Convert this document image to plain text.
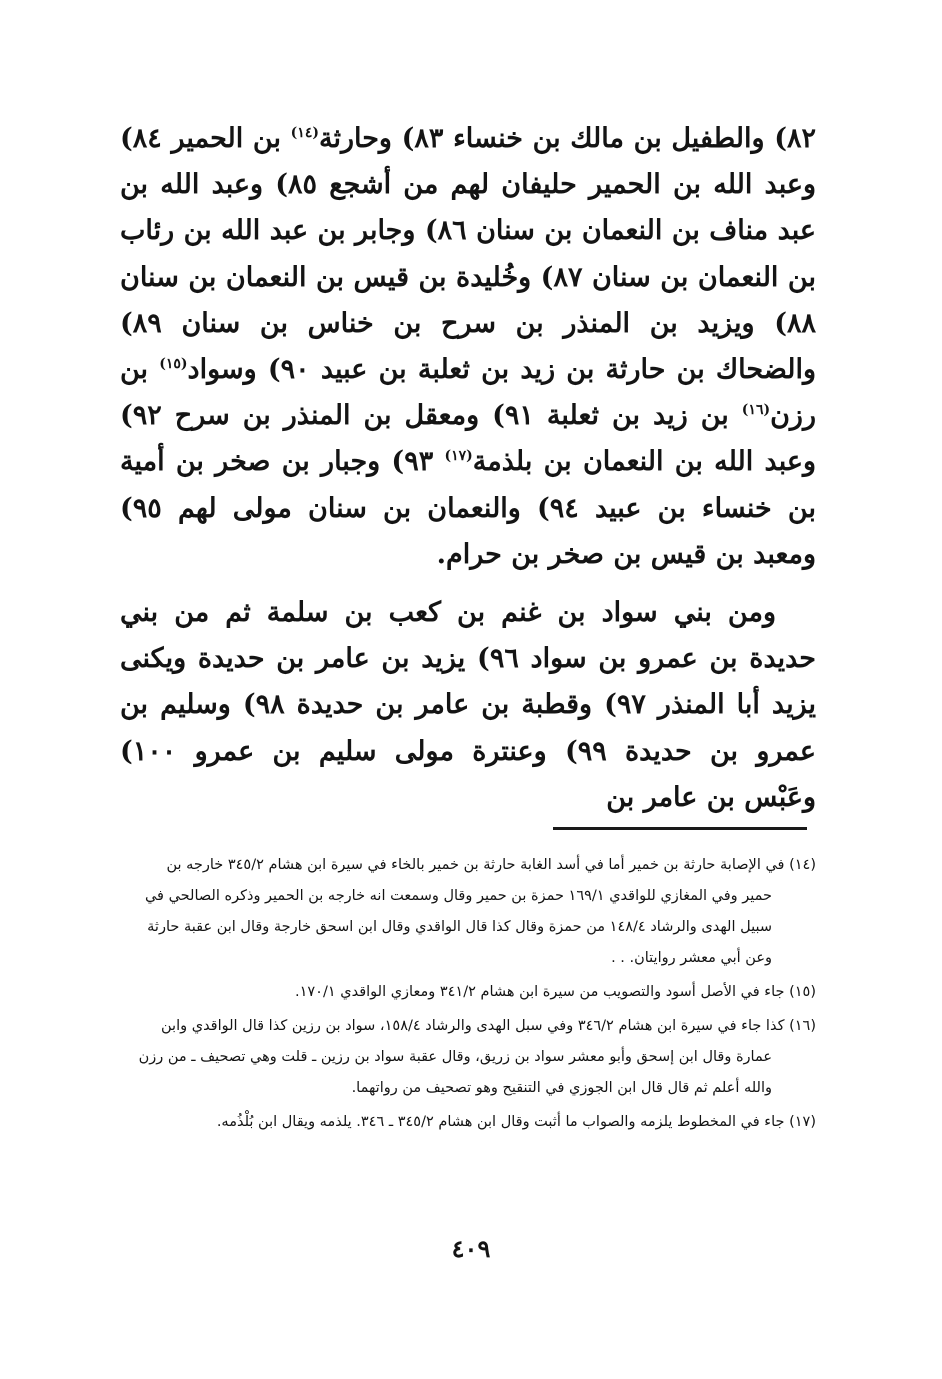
٨٢) والطفيل بن مالك بن خنساء ٨٣) وحارثة$^{(١٤)}$ بن الحمير ٨٤) وعبد الله بن الحمير حليفان لهم من أشجع ٨٥) وعبد الله بن عبد مناف بن النعمان بن سنان ٨٦) وجابر بن عبد الله بن رئاب بن النعمان بن سنان ٨٧) وخُليدة بن قيس بن النعمان بن سنان ٨٨) ويزيد بن المنذر بن سرح بن خناس بن سنان ٨٩) والضحاك بن حارثة بن زيد بن ثعلبة بن عبيد ٩٠) وسواد$^{(١٥)}$ بن رزن$^{(١٦)}$ بن زيد بن ثعلبة ٩١) ومعقل بن المنذر بن سرح ٩٢) وعبد الله بن النعمان بن بلذمة$^{(١٧)}$ ٩٣) وجبار بن صخر بن أمية بن خنساء بن عبيد ٩٤) والنعمان بن سنان مولى لهم ٩٥) ومعبد بن قيس بن صخر بن حرام.

ومن بني سواد بن غنم بن كعب بن سلمة ثم من بني حديدة بن عمرو بن سواد ٩٦) يزيد بن عامر بن حديدة ويكنى يزيد أبا المنذر ٩٧) وقطبة بن عامر بن حديدة ٩٨) وسليم بن عمرو بن حديدة ٩٩) وعنترة مولى سليم بن عمرو ١٠٠) وعَبْس بن عامر بن

(١٤) في الإصابة حارثة بن خمير أما في أسد الغابة حارثة بن خمير بالخاء في سيرة ابن هشام ٣٤٥/٢ خارجه بن حمير وفي المغازي للواقدي ١٦٩/١ حمزة بن حمير وقال وسمعت انه خارجه بن الحمير وذكره الصالحي في سبيل الهدى والرشاد ١٤٨/٤ من حمزة وقال كذا قال الواقدي وقال ابن اسحق خارجة وقال ابن عقبة حارثة وعن أبي معشر روايتان. . .

(١٥) جاء في الأصل أسود والتصويب من سيرة ابن هشام ٣٤١/٢ ومعازي الواقدي ١٧٠/١.

(١٦) كذا جاء في سيرة ابن هشام ٣٤٦/٢ وفي سبل الهدى والرشاد ١٥٨/٤، سواد بن رزين كذا قال الواقدي وابن عمارة وقال ابن إسحق وأبو معشر سواد بن زريق، وقال عقبة سواد بن رزين ـ قلت وهي تصحيف ـ من رزن والله أعلم ثم قال قال ابن الجوزي في التنقيح وهو تصحيف من رواتهما.

(١٧) جاء في المخطوط يلزمه والصواب ما أثبت وقال ابن هشام ٣٤٥/٢ ـ ٣٤٦. يلذمه ويقال ابن بُلْذُمه.

٤٠٩
